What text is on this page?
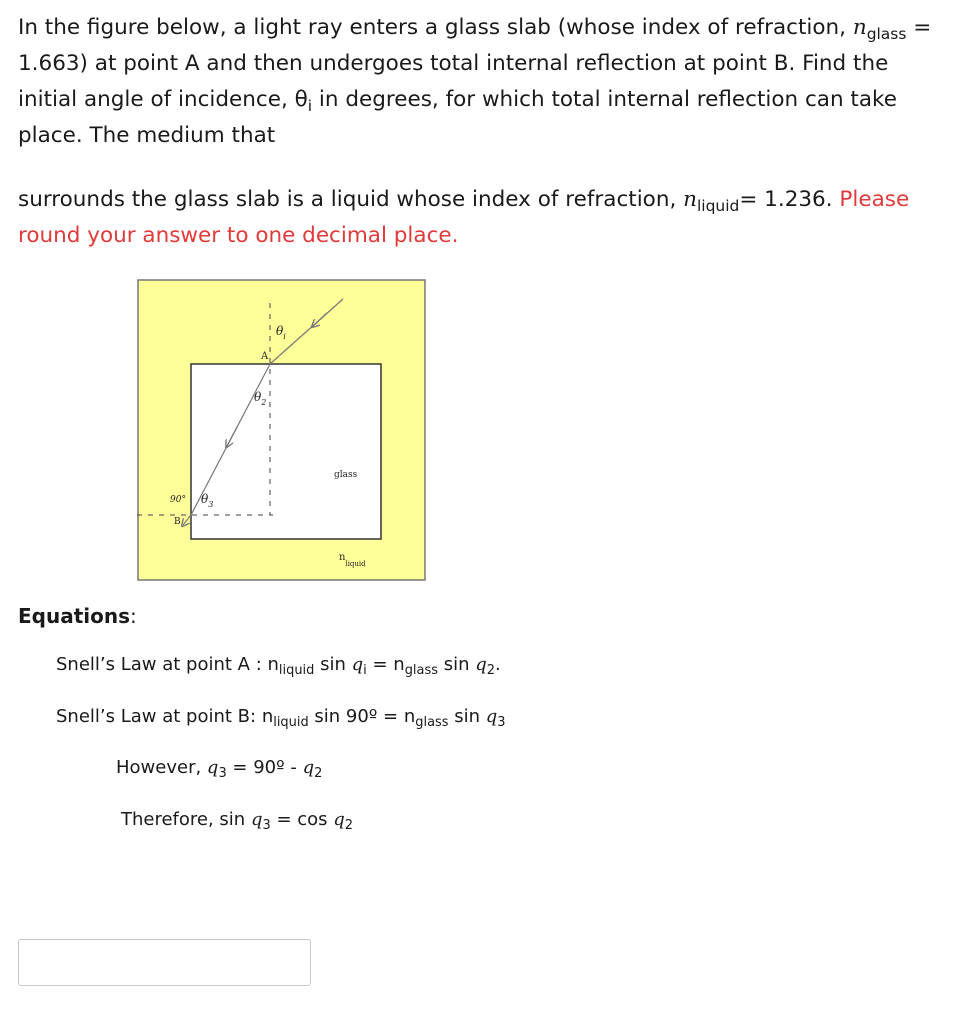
In the figure below, a light ray enters a glass slab (whose index of refraction, $n_{glass} = 1.663$) at point A and then undergoes total internal reflection at point B. Find the initial angle of incidence, $\theta_i$ in degrees, for which total internal reflection can take place. The medium that

surrounds the glass slab is a liquid whose index of refraction, $n_{liquid}= 1.236$. Please round your answer to one decimal place.

$\theta_i$
A
$\theta_2$
glass
90° $\theta_3$
B
$n_{liquid}$

Equations:

Snell’s Law at point A : $n_{liquid}$ $\sin q_i = n_{glass}$ $\sin q_2$.

Snell’s Law at point B: $n_{liquid}$ sin 90º = $n_{glass}$ $\sin q_3$

However, $q_3$ = 90º - $q_2$

Therefore, $\sin q_3 = \cos q_2$
